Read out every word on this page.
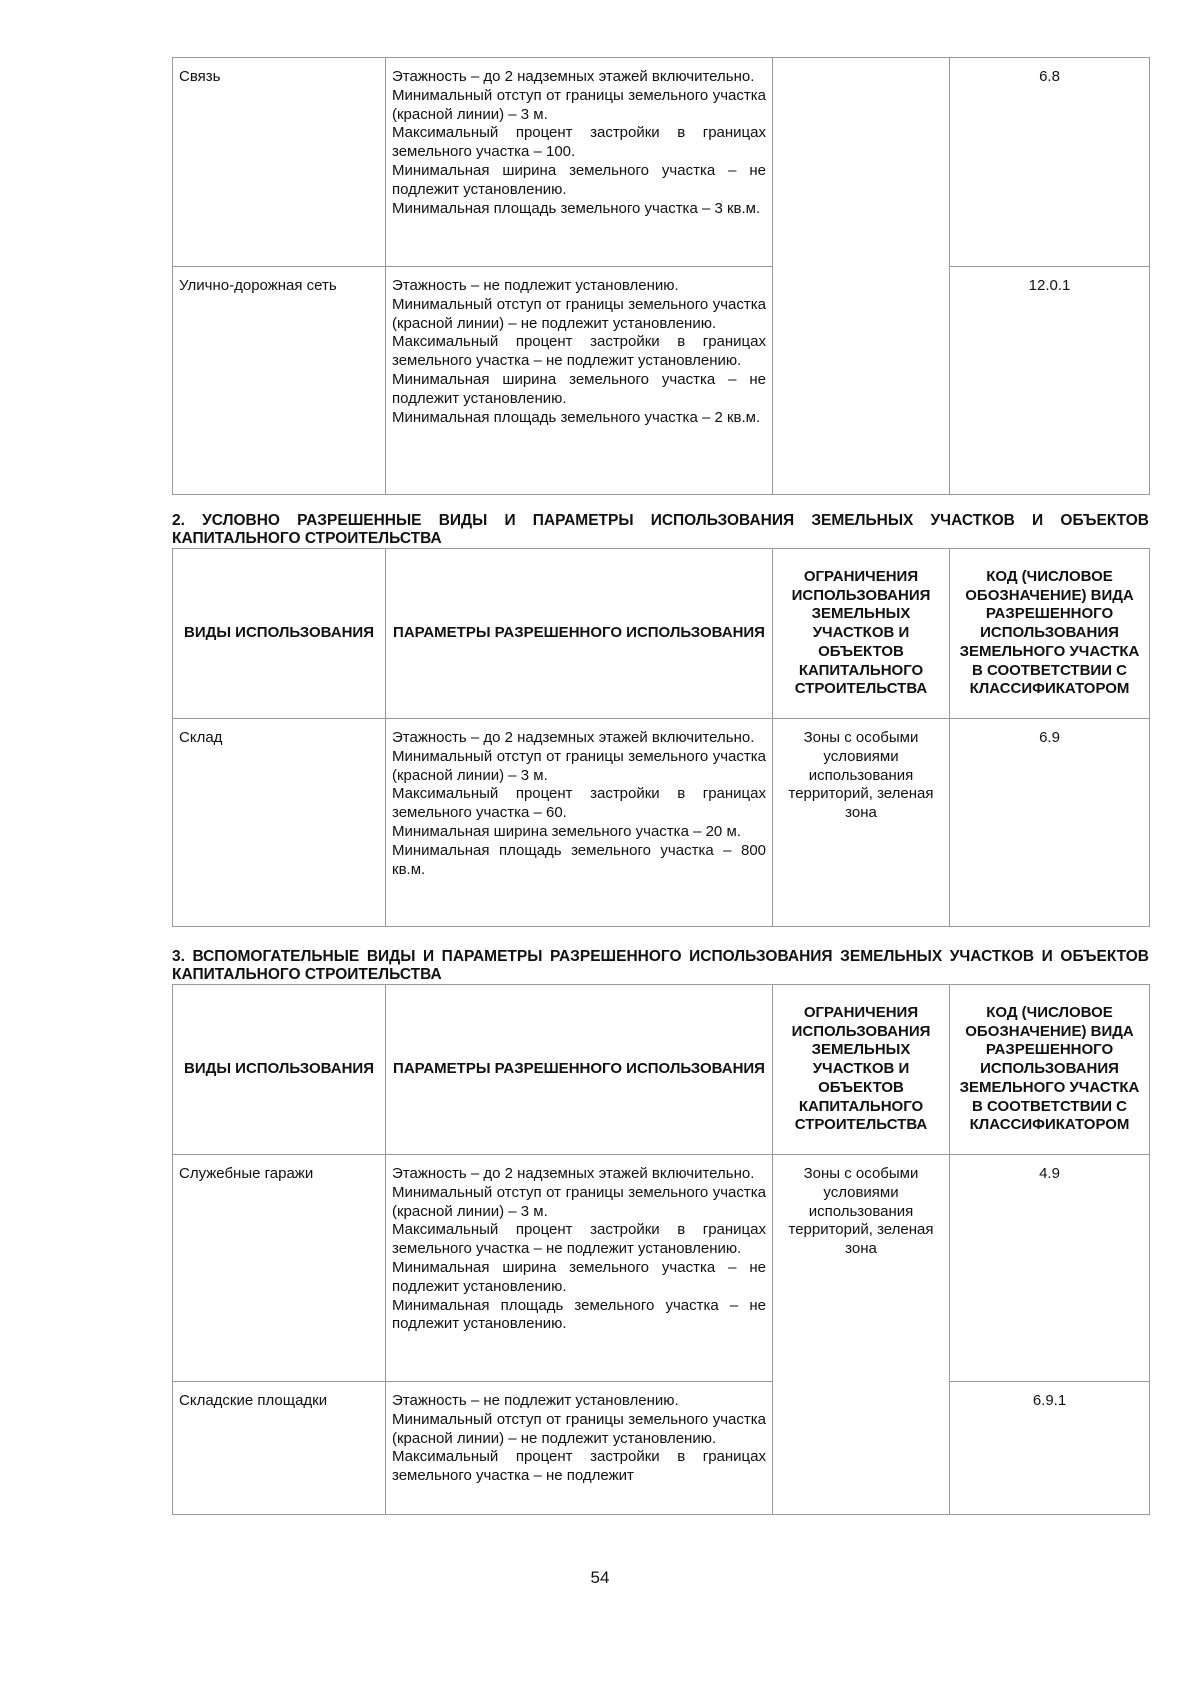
Связь	Этажность – до 2 надземных этажей включительно.

Минимальный отступ от границы земельного участка (красной линии) – 3 м.

Максимальный процент застройки в границах земельного участка – 100.

Минимальная ширина земельного участка – не подлежит установлению.

Минимальная площадь земельного участка – 3 кв.м.		6.8
Улично-дорожная сеть	Этажность – не подлежит установлению.

Минимальный отступ от границы земельного участка (красной линии) – не подлежит установлению.

Максимальный процент застройки в границах земельного участка – не подлежит установлению.

Минимальная ширина земельного участка – не подлежит установлению.

Минимальная площадь земельного участка – 2 кв.м.		12.0.1

2. УСЛОВНО РАЗРЕШЕННЫЕ ВИДЫ И ПАРАМЕТРЫ ИСПОЛЬЗОВАНИЯ ЗЕМЕЛЬНЫХ УЧАСТКОВ И ОБЪЕКТОВ КАПИТАЛЬНОГО СТРОИТЕЛЬСТВА

ВИДЫ ИСПОЛЬЗОВАНИЯ	ПАРАМЕТРЫ РАЗРЕШЕННОГО ИСПОЛЬЗОВАНИЯ	ОГРАНИЧЕНИЯ ИСПОЛЬЗОВАНИЯ ЗЕМЕЛЬНЫХ УЧАСТКОВ И ОБЪЕКТОВ КАПИТАЛЬНОГО СТРОИТЕЛЬСТВА	КОД (ЧИСЛОВОЕ ОБОЗНАЧЕНИЕ) ВИДА РАЗРЕШЕННОГО ИСПОЛЬЗОВАНИЯ ЗЕМЕЛЬНОГО УЧАСТКА В СООТВЕТСТВИИ С КЛАССИФИКАТОРОМ
Склад	Этажность – до 2 надземных этажей включительно.

Минимальный отступ от границы земельного участка (красной линии) – 3 м.

Максимальный процент застройки в границах земельного участка – 60.

Минимальная ширина земельного участка – 20 м.

Минимальная площадь земельного участка – 800 кв.м.	Зоны с особыми условиями использования территорий, зеленая зона	6.9

3. ВСПОМОГАТЕЛЬНЫЕ ВИДЫ И ПАРАМЕТРЫ РАЗРЕШЕННОГО ИСПОЛЬЗОВАНИЯ ЗЕМЕЛЬНЫХ УЧАСТКОВ И ОБЪЕКТОВ КАПИТАЛЬНОГО СТРОИТЕЛЬСТВА

ВИДЫ ИСПОЛЬЗОВАНИЯ	ПАРАМЕТРЫ РАЗРЕШЕННОГО ИСПОЛЬЗОВАНИЯ	ОГРАНИЧЕНИЯ ИСПОЛЬЗОВАНИЯ ЗЕМЕЛЬНЫХ УЧАСТКОВ И ОБЪЕКТОВ КАПИТАЛЬНОГО СТРОИТЕЛЬСТВА	КОД (ЧИСЛОВОЕ ОБОЗНАЧЕНИЕ) ВИДА РАЗРЕШЕННОГО ИСПОЛЬЗОВАНИЯ ЗЕМЕЛЬНОГО УЧАСТКА В СООТВЕТСТВИИ С КЛАССИФИКАТОРОМ
Служебные гаражи	Этажность – до 2 надземных этажей включительно.

Минимальный отступ от границы земельного участка (красной линии) – 3 м.

Максимальный процент застройки в границах земельного участка – не подлежит установлению.

Минимальная ширина земельного участка – не подлежит установлению.

Минимальная площадь земельного участка – не подлежит установлению.	Зоны с особыми условиями использования территорий, зеленая зона	4.9
Складские площадки	Этажность – не подлежит установлению.

Минимальный отступ от границы земельного участка (красной линии) – не подлежит установлению.

Максимальный процент застройки в границах земельного участка – не подлежит		6.9.1
54
